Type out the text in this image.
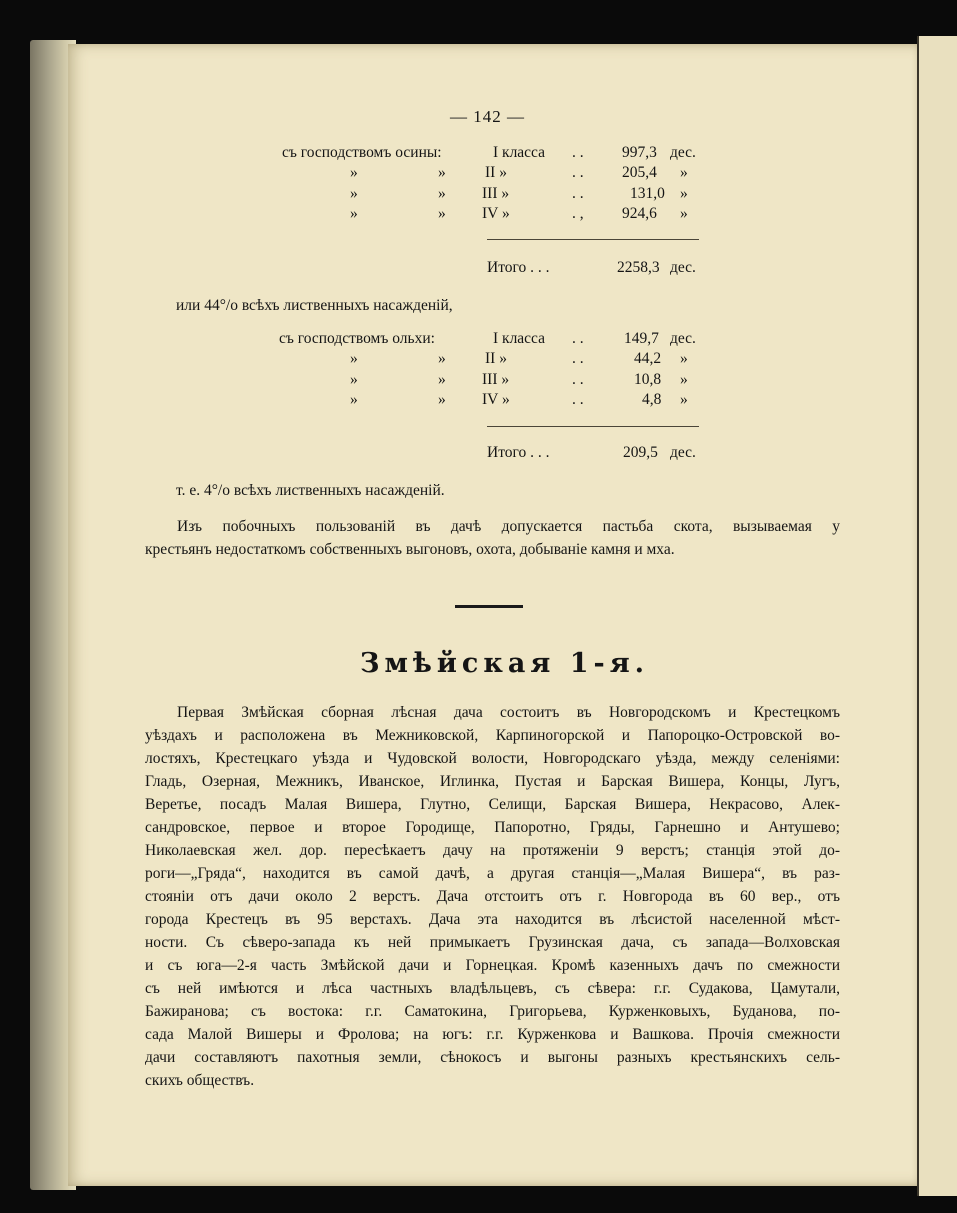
— 142 —
съ господствомъ осины:	I класса . . 997,3 дес.
»	»	II »	. . 205,4 »
»	» III »	. .	131,0 »
»	» IV »	. , 924,6 »
Итого . . .	2258,3 дес.
или 44°/о всѣхъ лиственныхъ насажденій,
съ господствомъ ольхи:	I класса . .	149,7 дес.
»	»	II »	. .	44,2 »
»	» III »	. .	10,8 »
»	» IV »	. .	4,8 »
Итого . . .	209,5 дес.
т. е. 4°/о всѣхъ лиственныхъ насажденій.
Изъ побочныхъ пользованій въ дачѣ допускается пастьба скота, вызываемая у
крестьянъ недостаткомъ собственныхъ выгоновъ, охота, добываніе камня и мха.
Змѣйская 1-я.
Первая Змѣйская сборная лѣсная дача состоитъ въ Новгородскомъ и Крестецкомъ
уѣздахъ и расположена въ Межниковской, Карпиногорской и Папороцко-Островской во-
лостяхъ, Крестецкаго уѣзда и Чудовской волости, Новгородскаго уѣзда, между селеніями:
Гладь, Озерная, Межникъ, Иванское, Иглинка, Пустая и Барская Вишера, Концы, Лугъ,
Веретье, посадъ Малая Вишера, Глутно, Селищи, Барская Вишера, Некрасово, Алек-
сандровское, первое и второе Городище, Папоротно, Гряды, Гарнешно и Антушево;
Николаевская жел. дор. пересѣкаетъ дачу на протяженіи 9 верстъ; станція этой до-
роги—„Гряда“, находится въ самой дачѣ, а другая станція—„Малая Вишера“, въ раз-
стояніи отъ дачи около 2 верстъ. Дача отстоитъ отъ г. Новгорода въ 60 вер., отъ
города Крестецъ въ 95 верстахъ. Дача эта находится въ лѣсистой населенной мѣст-
ности. Съ сѣверо-запада къ ней примыкаетъ Грузинская дача, съ запада—Волховская
и съ юга—2-я часть Змѣйской дачи и Горнецкая. Кромѣ казенныхъ дачъ по смежности
съ ней имѣются и лѣса частныхъ владѣльцевъ, съ сѣвера: г.г. Судакова, Цамутали,
Бажиранова; съ востока: г.г. Саматокина, Григорьева, Курженковыхъ, Буданова, по-
сада Малой Вишеры и Фролова; на югъ: г.г. Курженкова и Вашкова. Прочія смежности
дачи составляютъ пахотныя земли, сѣнокосъ и выгоны разныхъ крестьянскихъ сель-
скихъ обществъ.
